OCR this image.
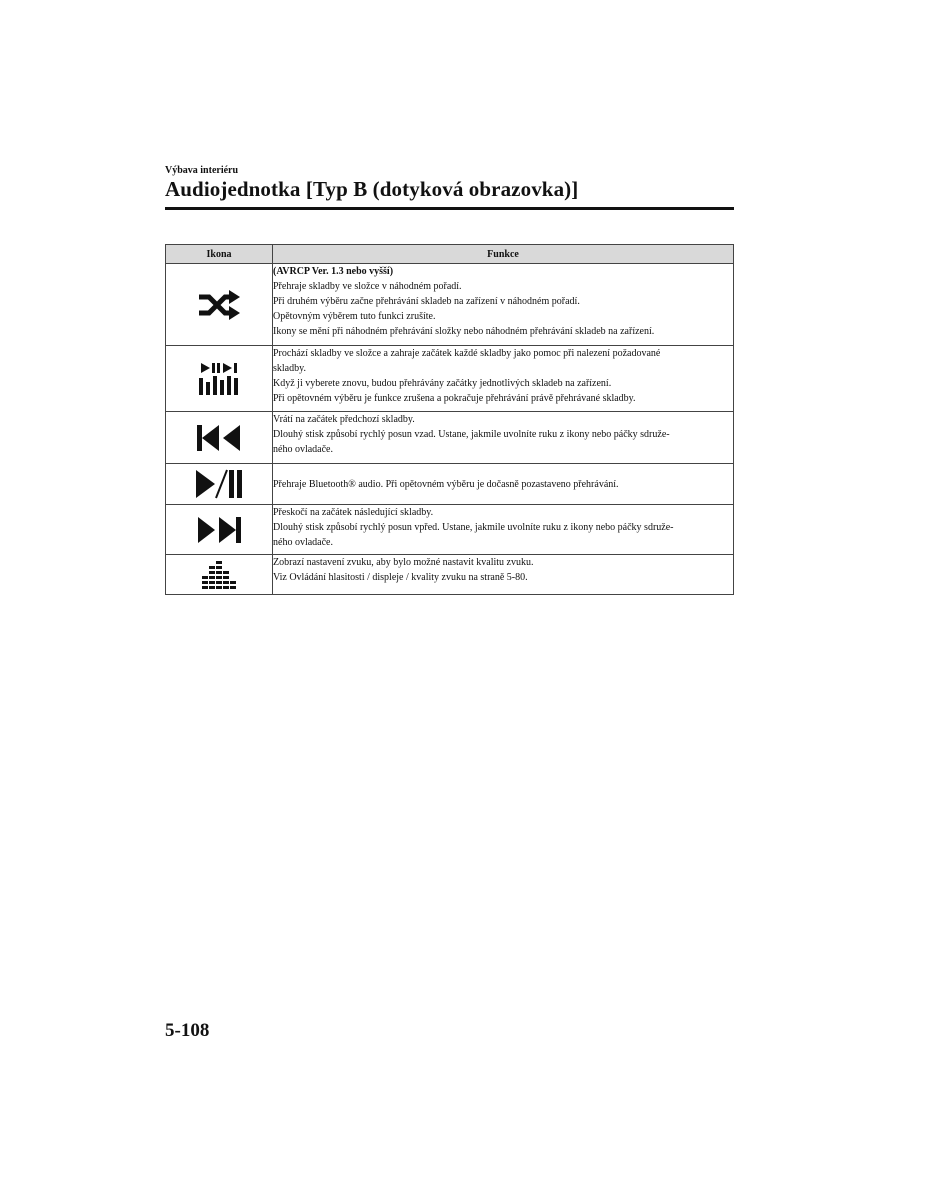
Výbava interiéru
Audiojednotka [Typ B (dotyková obrazovka)]
Ikona	Funkce

(AVRCP Ver. 1.3 nebo vyšší)
Přehraje skladby ve složce v náhodném pořadí.
Při druhém výběru začne přehrávání skladeb na zařízení v náhodném pořadí.
Opětovným výběrem tuto funkci zrušíte.
Ikony se mění při náhodném přehrávání složky nebo náhodném přehrávání skladeb na zařízení.

Prochází skladby ve složce a zahraje začátek každé skladby jako pomoc při nalezení požadované
skladby.
Když ji vyberete znovu, budou přehrávány začátky jednotlivých skladeb na zařízení.
Při opětovném výběru je funkce zrušena a pokračuje přehrávání právě přehrávané skladby.

Vrátí na začátek předchozí skladby.
Dlouhý stisk způsobí rychlý posun vzad. Ustane, jakmile uvolníte ruku z ikony nebo páčky sdruže-
ného ovladače.

Přehraje Bluetooth® audio. Při opětovném výběru je dočasně pozastaveno přehrávání.

Přeskočí na začátek následující skladby.
Dlouhý stisk způsobí rychlý posun vpřed. Ustane, jakmile uvolníte ruku z ikony nebo páčky sdruže-
ného ovladače.

Zobrazí nastavení zvuku, aby bylo možné nastavit kvalitu zvuku.
Viz Ovládání hlasitosti / displeje / kvality zvuku na straně 5-80.
5-108
